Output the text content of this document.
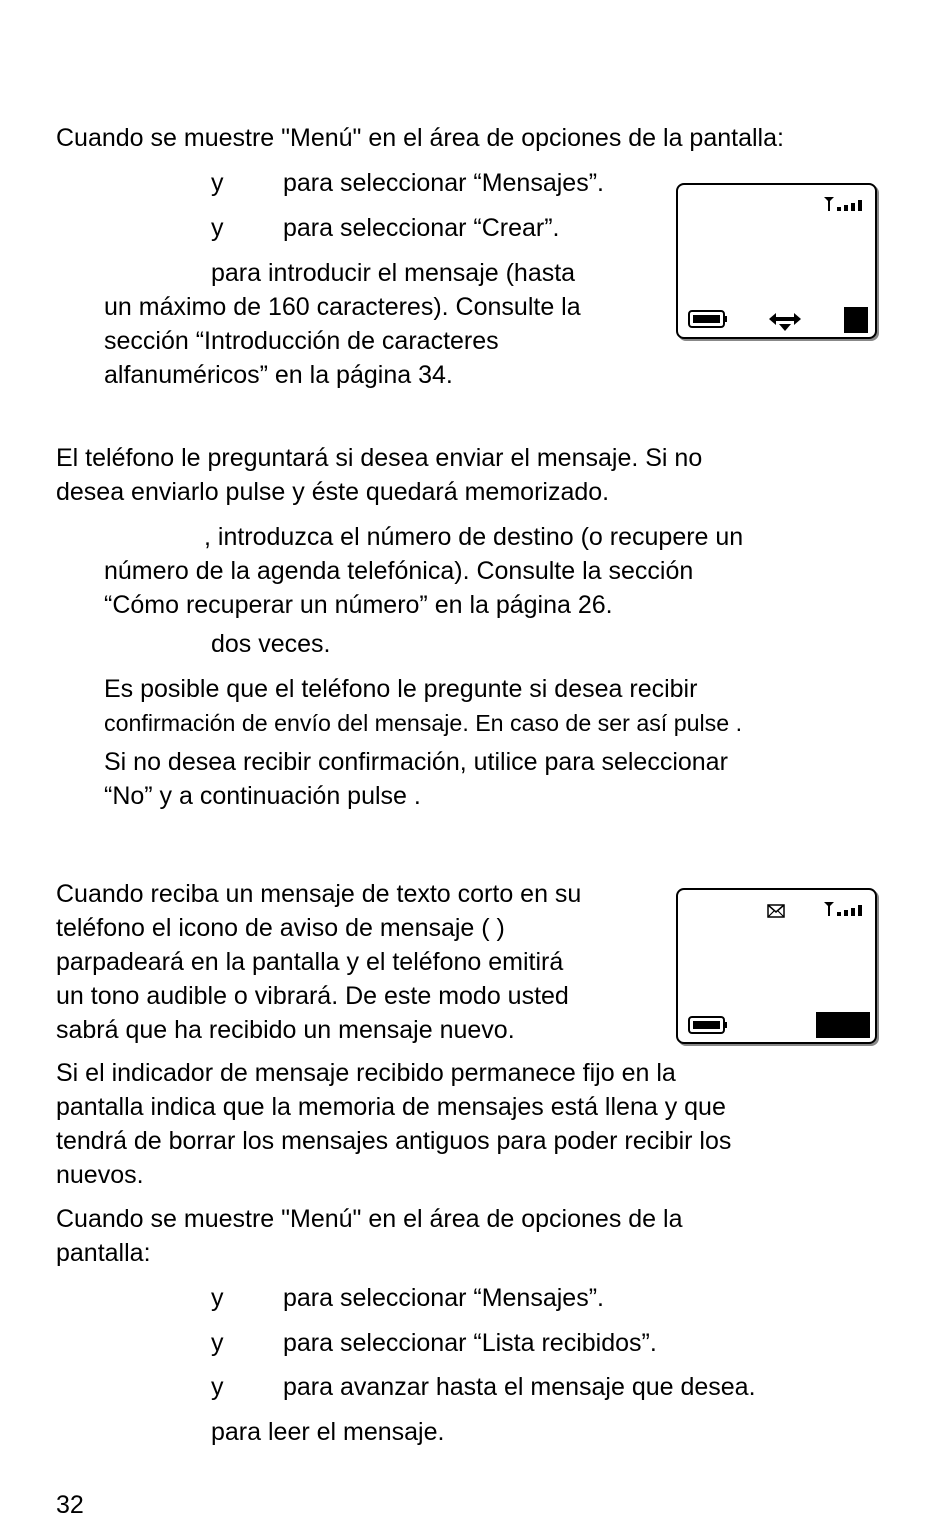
Cuando se muestre "Menú" en el área de opciones de la pantalla:

y para seleccionar “Mensajes”.
y para seleccionar “Crear”.
para introducir el mensaje (hasta
un máximo de 160 caracteres). Consulte la
sección “Introducción de caracteres
alfanuméricos” en la página 34.
El teléfono le preguntará si desea enviar el mensaje. Si no
desea enviarlo pulse y éste quedará memorizado.
, introduzca el número de destino (o recupere un
número de la agenda telefónica). Consulte la sección
“Cómo recuperar un número” en la página 26.
dos veces.
Es posible que el teléfono le pregunte si desea recibir
confirmación de envío del mensaje. En caso de ser así pulse .
Si no desea recibir confirmación, utilice para seleccionar
“No” y a continuación pulse .
Cuando reciba un mensaje de texto corto en su
teléfono el icono de aviso de mensaje ( )
parpadeará en la pantalla y el teléfono emitirá
un tono audible o vibrará. De este modo usted
sabrá que ha recibido un mensaje nuevo.
Si el indicador de mensaje recibido permanece fijo en la
pantalla indica que la memoria de mensajes está llena y que
tendrá de borrar los mensajes antiguos para poder recibir los
nuevos.
Cuando se muestre "Menú" en el área de opciones de la
pantalla:
y para seleccionar “Mensajes”.
y para seleccionar “Lista recibidos”.
y para avanzar hasta el mensaje que desea.
para leer el mensaje.
32
